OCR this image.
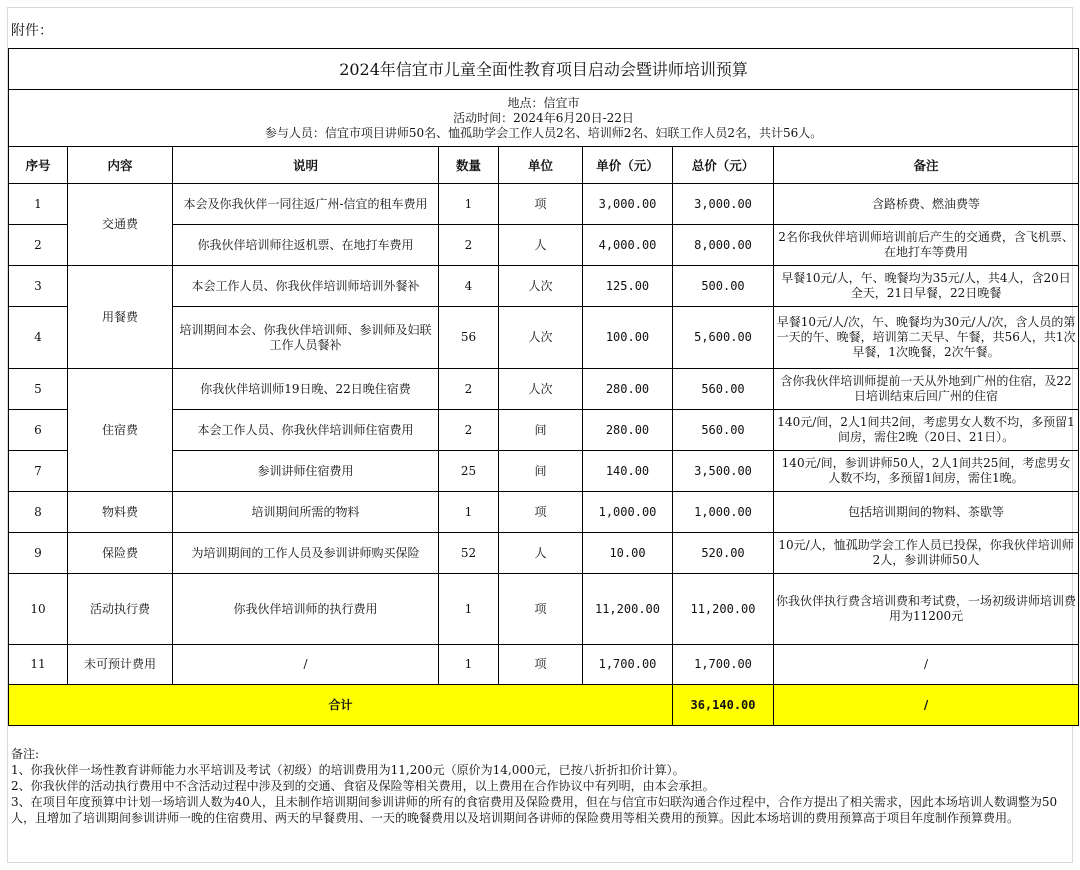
附件：
2024年信宜市儿童全面性教育项目启动会暨讲师培训预算							

地点：信宜市
活动时间：2024年6月20日-22日
参与人员：信宜市项目讲师50名、恤孤助学会工作人员2名、培训师2名、妇联工作人员2名，共计56人。							

序号	内容	说明	数量	单位	单价（元）	总价（元）	备注
1	交通费	本会及你我伙伴一同往返广州-信宜的租车费用	1	项	3,000.00	3,000.00	含路桥费、燃油费等
2		你我伙伴培训师往返机票、在地打车费用	2	人	4,000.00	8,000.00	2名你我伙伴培训师培训前后产生的交通费，含飞机票、在地打车等费用
3	用餐费	本会工作人员、你我伙伴培训师培训外餐补	4	人次	125.00	500.00	早餐10元/人，午、晚餐均为35元/人，共4人，含20日全天，21日早餐，22日晚餐
4		培训期间本会、你我伙伴培训师、参训师及妇联工作人员餐补	56	人次	100.00	5,600.00	早餐10元/人/次，午、晚餐均为30元/人/次，含人员的第一天的午、晚餐，培训第二天早、午餐，共56人，共1次早餐，1次晚餐，2次午餐。
5	住宿费	你我伙伴培训师19日晚、22日晚住宿费	2	人次	280.00	560.00	含你我伙伴培训师提前一天从外地到广州的住宿，及22日培训结束后回广州的住宿
6		本会工作人员、你我伙伴培训师住宿费用	2	间	280.00	560.00	140元/间，2人1间共2间，考虑男女人数不均，多预留1间房，需住2晚（20日、21日）。
7		参训讲师住宿费用	25	间	140.00	3,500.00	140元/间，参训讲师50人，2人1间共25间，考虑男女人数不均，多预留1间房，需住1晚。
8	物料费	培训期间所需的物料	1	项	1,000.00	1,000.00	包括培训期间的物料、茶歇等
9	保险费	为培训期间的工作人员及参训讲师购买保险	52	人	10.00	520.00	10元/人，恤孤助学会工作人员已投保，你我伙伴培训师2人，参训讲师50人
10	活动执行费	你我伙伴培训师的执行费用	1	项	11,200.00	11,200.00	你我伙伴执行费含培训费和考试费，一场初级讲师培训费用为11200元
11	未可预计费用	/	1	项	1,700.00	1,700.00	/
合计						36,140.00	/
备注:
1、你我伙伴一场性教育讲师能力水平培训及考试（初级）的培训费用为11,200元（原价为14,000元，已按八折折扣价计算）。
2、你我伙伴的活动执行费用中不含活动过程中涉及到的交通、食宿及保险等相关费用，以上费用在合作协议中有列明，由本会承担。
3、在项目年度预算中计划一场培训人数为40人，且未制作培训期间参训讲师的所有的食宿费用及保险费用，但在与信宜市妇联沟通合作过程中，合作方提出了相关需求，因此本场培训人数调整为50人，且增加了培训期间参训讲师一晚的住宿费用、两天的早餐费用、一天的晚餐费用以及培训期间各讲师的保险费用等相关费用的预算。因此本场培训的费用预算高于项目年度制作预算费用。
